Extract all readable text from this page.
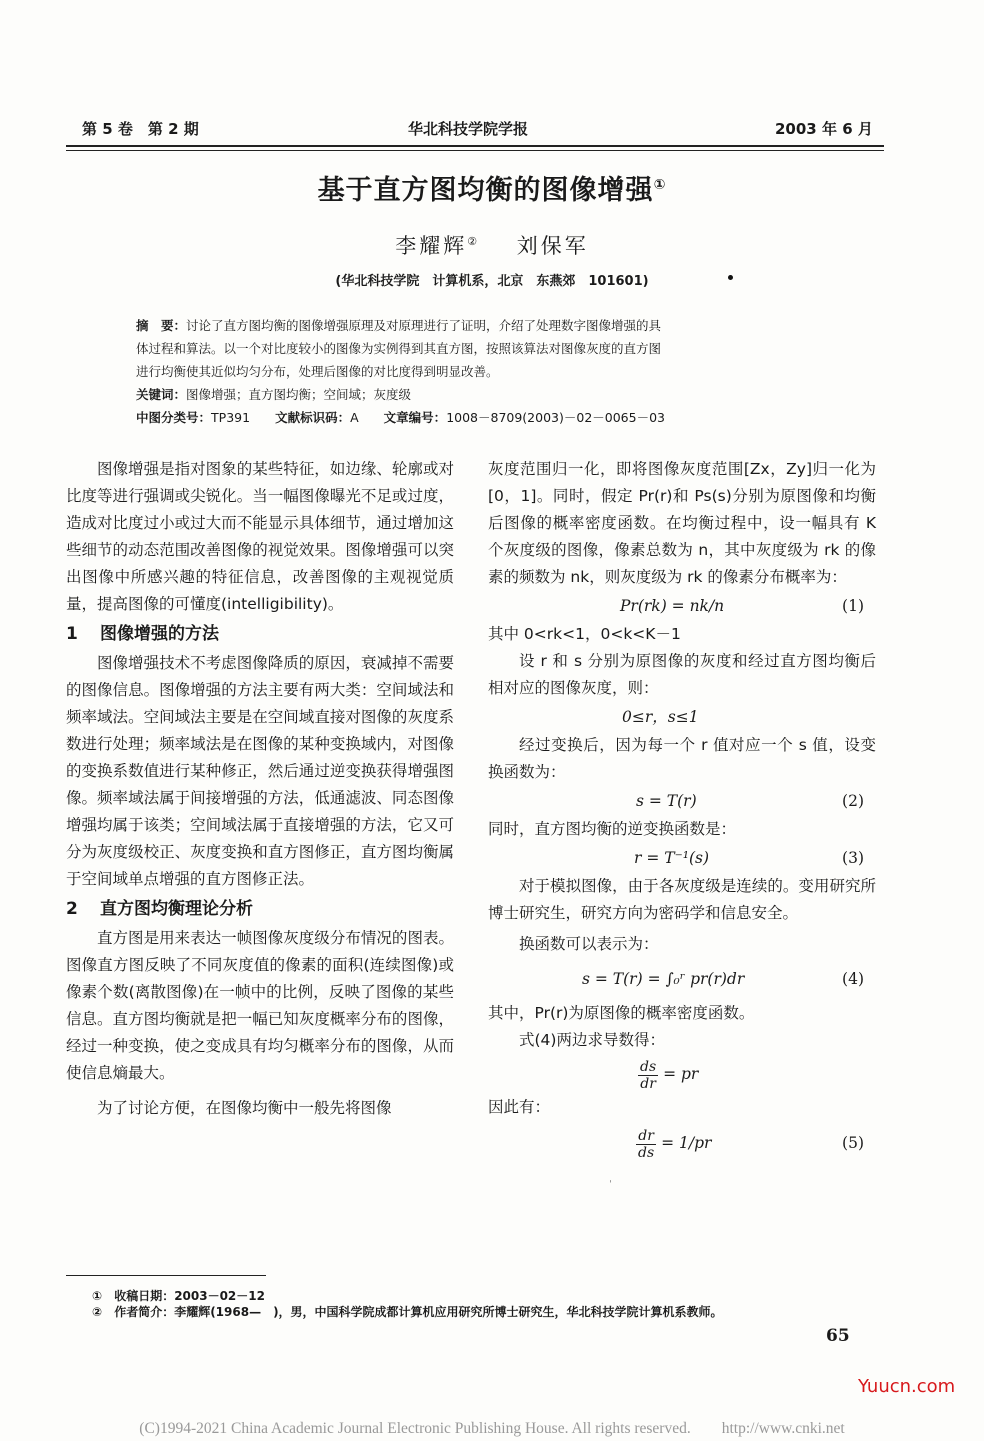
第 5 卷　第 2 期	华北科技学院学报	2003 年 6 月
基于直方图均衡的图像增强①
李耀辉② 刘保军
(华北科技学院　计算机系，北京　东燕郊　101601)

摘　要：讨论了直方图均衡的图像增强原理及对原理进行了证明，介绍了处理数字图像增强的具

体过程和算法。以一个对比度较小的图像为实例得到其直方图，按照该算法对图像灰度的直方图

进行均衡使其近似均匀分布，处理后图像的对比度得到明显改善。

关键词：图像增强；直方图均衡；空间域；灰度级

中图分类号：TP391　　 文献标识码：A　　 文章编号：1008－8709(2003)－02－0065－03

图像增强是指对图象的某些特征，如边缘、轮廓或对比度等进行强调或尖锐化。当一幅图像曝光不足或过度，造成对比度过小或过大而不能显示具体细节，通过增加这些细节的动态范围改善图像的视觉效果。图像增强可以突出图像中所感兴趣的特征信息，改善图像的主观视觉质量，提高图像的可懂度(intelligibility)。

1 图像增强的方法

图像增强技术不考虑图像降质的原因，衰减掉不需要的图像信息。图像增强的方法主要有两大类：空间域法和频率域法。空间域法主要是在空间域直接对图像的灰度系数进行处理；频率域法是在图像的某种变换域内，对图像的变换系数值进行某种修正，然后通过逆变换获得增强图像。频率域法属于间接增强的方法，低通滤波、同态图像增强均属于该类；空间域法属于直接增强的方法，它又可分为灰度级校正、灰度变换和直方图修正，直方图均衡属于空间域单点增强的直方图修正法。

2 直方图均衡理论分析

直方图是用来表达一帧图像灰度级分布情况的图表。图像直方图反映了不同灰度值的像素的面积(连续图像)或像素个数(离散图像)在一帧中的比例，反映了图像的某些信息。直方图均衡就是把一幅已知灰度概率分布的图像，经过一种变换，使之变成具有均匀概率分布的图像，从而使信息熵最大。

为了讨论方便，在图像均衡中一般先将图像

灰度范围归一化，即将图像灰度范围[Zx，Zy]归一化为[0，1]。同时，假定 Pr(r)和 Ps(s)分别为原图像和均衡后图像的概率密度函数。在均衡过程中，设一幅具有 K 个灰度级的图像，像素总数为 n，其中灰度级为 rk 的像素的频数为 nk，则灰度级为 rk 的像素分布概率为：

Pr(rk) = nk/n	(1)

其中 0<rk<1，0<k<K－1

设 r 和 s 分别为原图像的灰度和经过直方图均衡后相对应的图像灰度，则：

0≤r，s≤1

经过变换后，因为每一个 r 值对应一个 s 值，设变换函数为：

s = T(r)	(2)

同时，直方图均衡的逆变换函数是：

r = T⁻¹(s)	(3)

对于模拟图像，由于各灰度级是连续的。变用研究所博士研究生，研究方向为密码学和信息安全。

换函数可以表示为：

s = T(r) = ∫₀ʳ pr(r)dr	(4)

其中，Pr(r)为原图像的概率密度函数。

式(4)两边求导数得：

$\frac{ds}{dr}$ = pr

因此有：

$\frac{dr}{ds} = 1/pr$	(5)
ˌ
①　 收稿日期：2003－02－12
②　 作者简介：李耀辉(1968—　)，男，中国科学院成都计算机应用研究所博士研究生，华北科技学院计算机系教师。
65
Yuucn.com
(C)1994-2021 China Academic Journal Electronic Publishing House. All rights reserved.　　http://www.cnki.net
